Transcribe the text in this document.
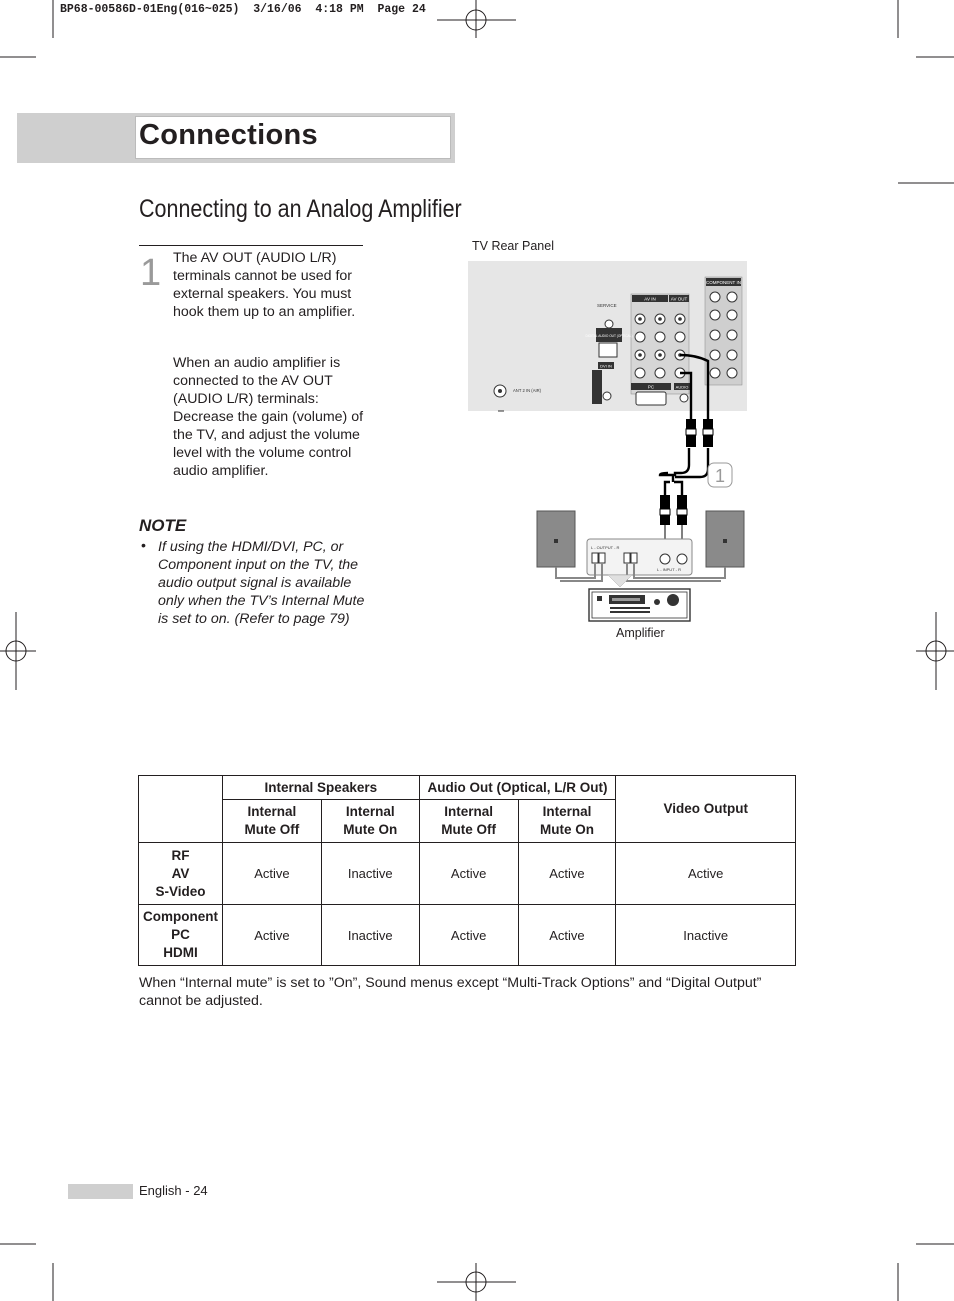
BP68-00586D-01Eng(016~025)  3/16/06  4:18 PM  Page 24
Connections
Connecting to an Analog Amplifier
1 The AV OUT (AUDIO L/R) terminals cannot be used for external speakers. You must hook them up to an amplifier.
When an audio amplifier is connected to the AV OUT (AUDIO L/R) terminals: Decrease the gain (volume) of the TV, and adjust the volume level with the volume control audio amplifier.
NOTE
• If using the HDMI/DVI, PC, or Component input on the TV, the audio output signal is available only when the TV’s Internal Mute is set to on. (Refer to page 79)
TV Rear Panel
COMPONENT IN
AV IN	AV OUT
SERVICE
DIGITAL AUDIO OUT (OPTICAL)
DVI IN
PC	AUDIO
ANT 2 IN (AIR)
1
L - OUTPUT - R
L - INPUT - R
Amplifier
	Internal Speakers		Audio Out (Optical, L/R Out)		Video Output
	Internal Mute Off	Internal Mute On	Internal Mute Off	Internal Mute On	

RF
AV
S-Video	Active	Inactive	Active	Active	Active

Component
PC
HDMI	Active	Inactive	Active	Active	Inactive
When “Internal mute” is set to ”On”, Sound menus except “Multi-Track Options” and “Digital Output” cannot be adjusted.
English - 24
